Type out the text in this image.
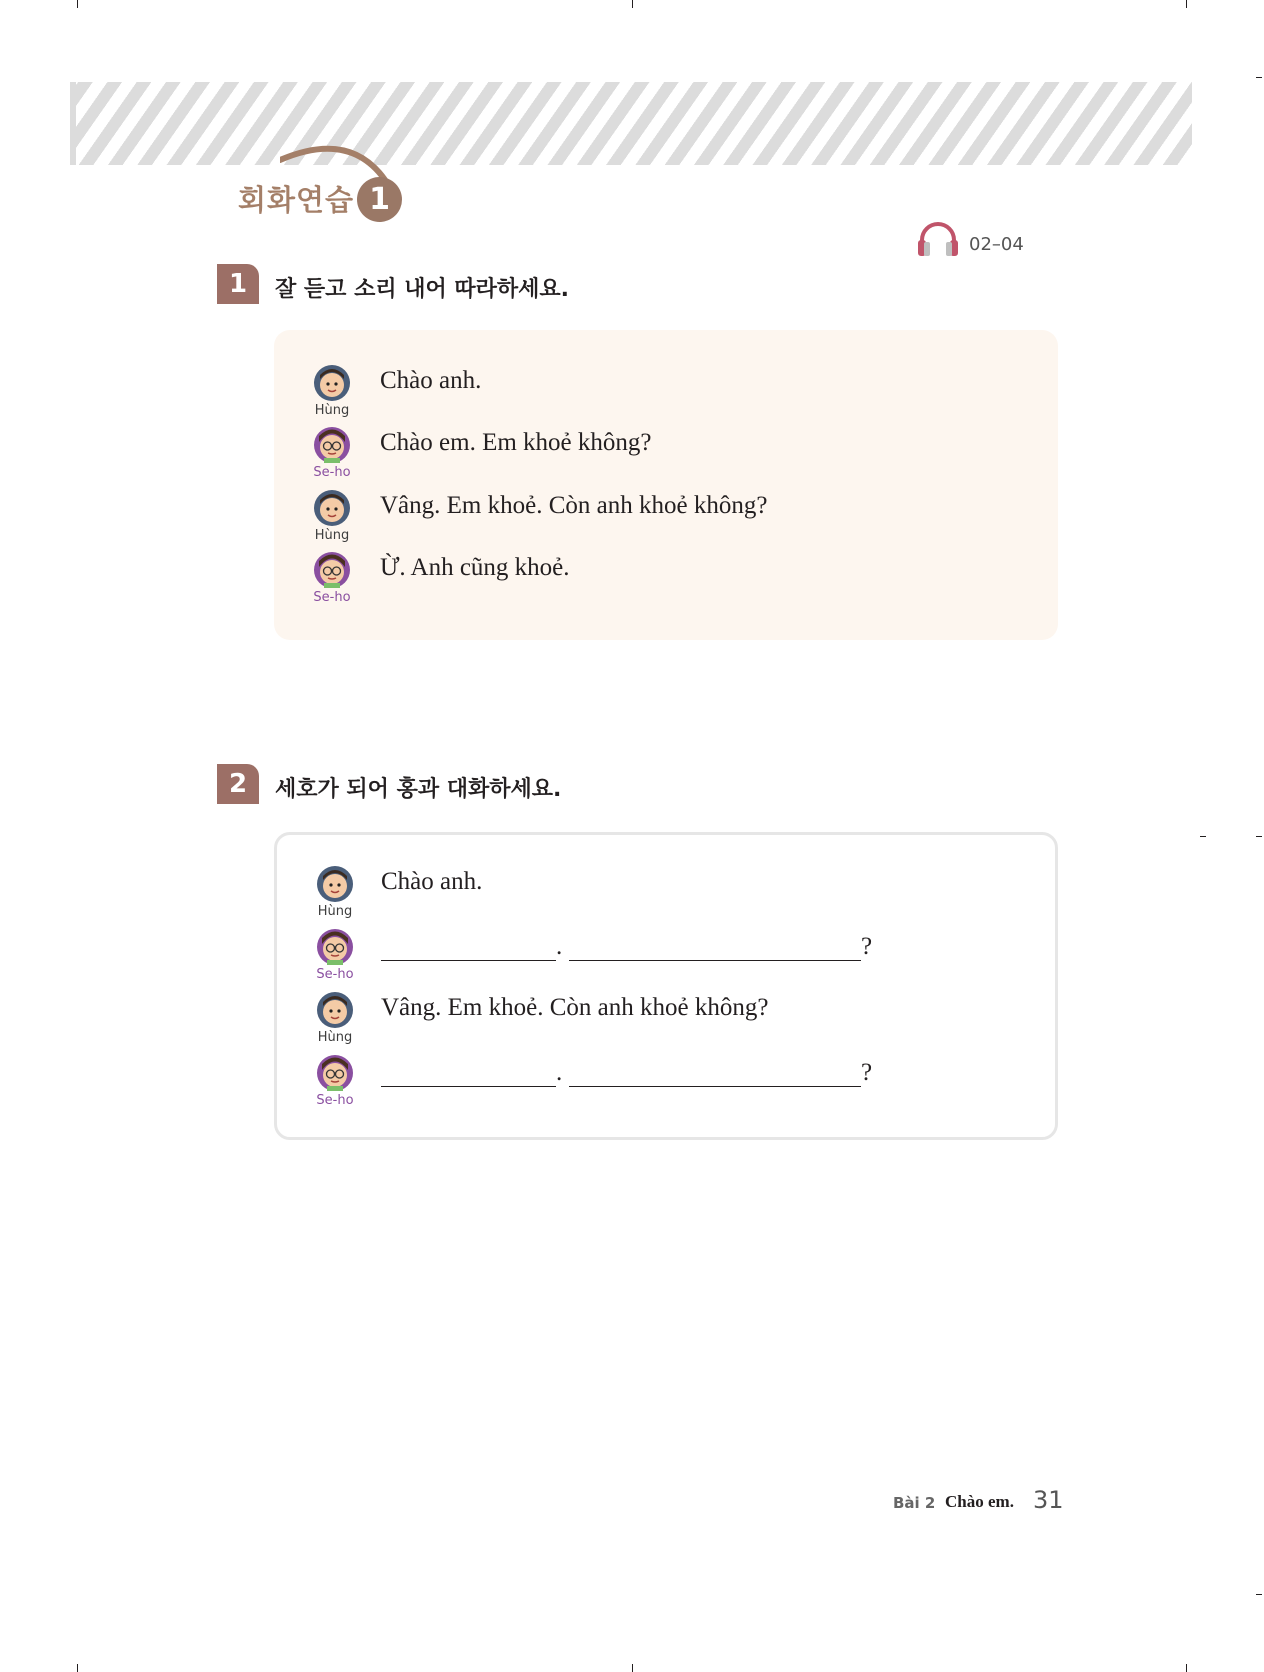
회화연습 1
02–04
1	잘 듣고 소리 내어 따라하세요.
Hùng
Chào anh.
Se-ho
Chào em. Em khoẻ không?
Hùng
Vâng. Em khoẻ. Còn anh khoẻ không?
Se-ho
Ừ. Anh cũng khoẻ.
2	세호가 되어 홍과 대화하세요.
Hùng
Chào anh.
Se-ho
.	?
Hùng
Vâng. Em khoẻ. Còn anh khoẻ không?
Se-ho
.	?
Bài 2 Chào em. 31
